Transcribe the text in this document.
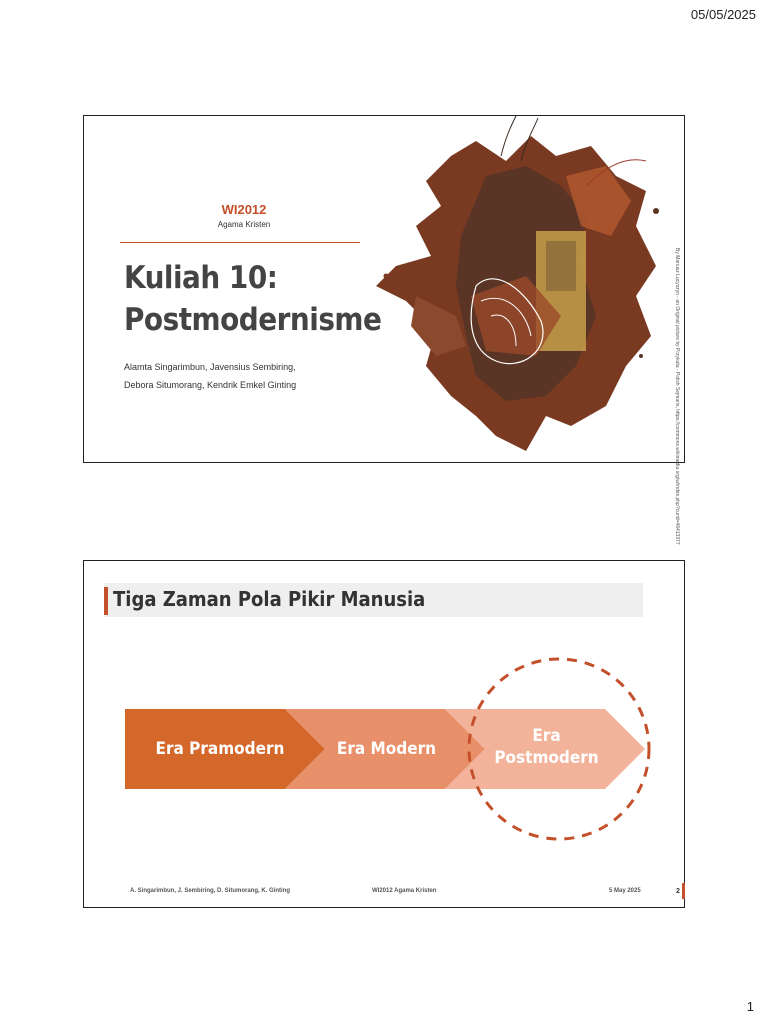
05/05/2025
WI2012
Agama Kristen
Kuliah 10:
Postmodernisme
Alamta Singarimbun, Javensius Sembiring,
Debora Situmorang, Kendrik Emkel Ginting	By Mariusz Lucyszyn - an Original picture by Przykuta - Polish Sejmaris, https://commons.wikimedia.org/w/index.php?curid=46413377
Tiga Zaman Pola Pikir Manusia
Era Pramodern	Era Modern
Era
Postmodern
A. Singarimbun, J. Sembiring, D. Situmorang, K. Ginting	WI2012 Agama Kristen	5 May 2025	2
1
